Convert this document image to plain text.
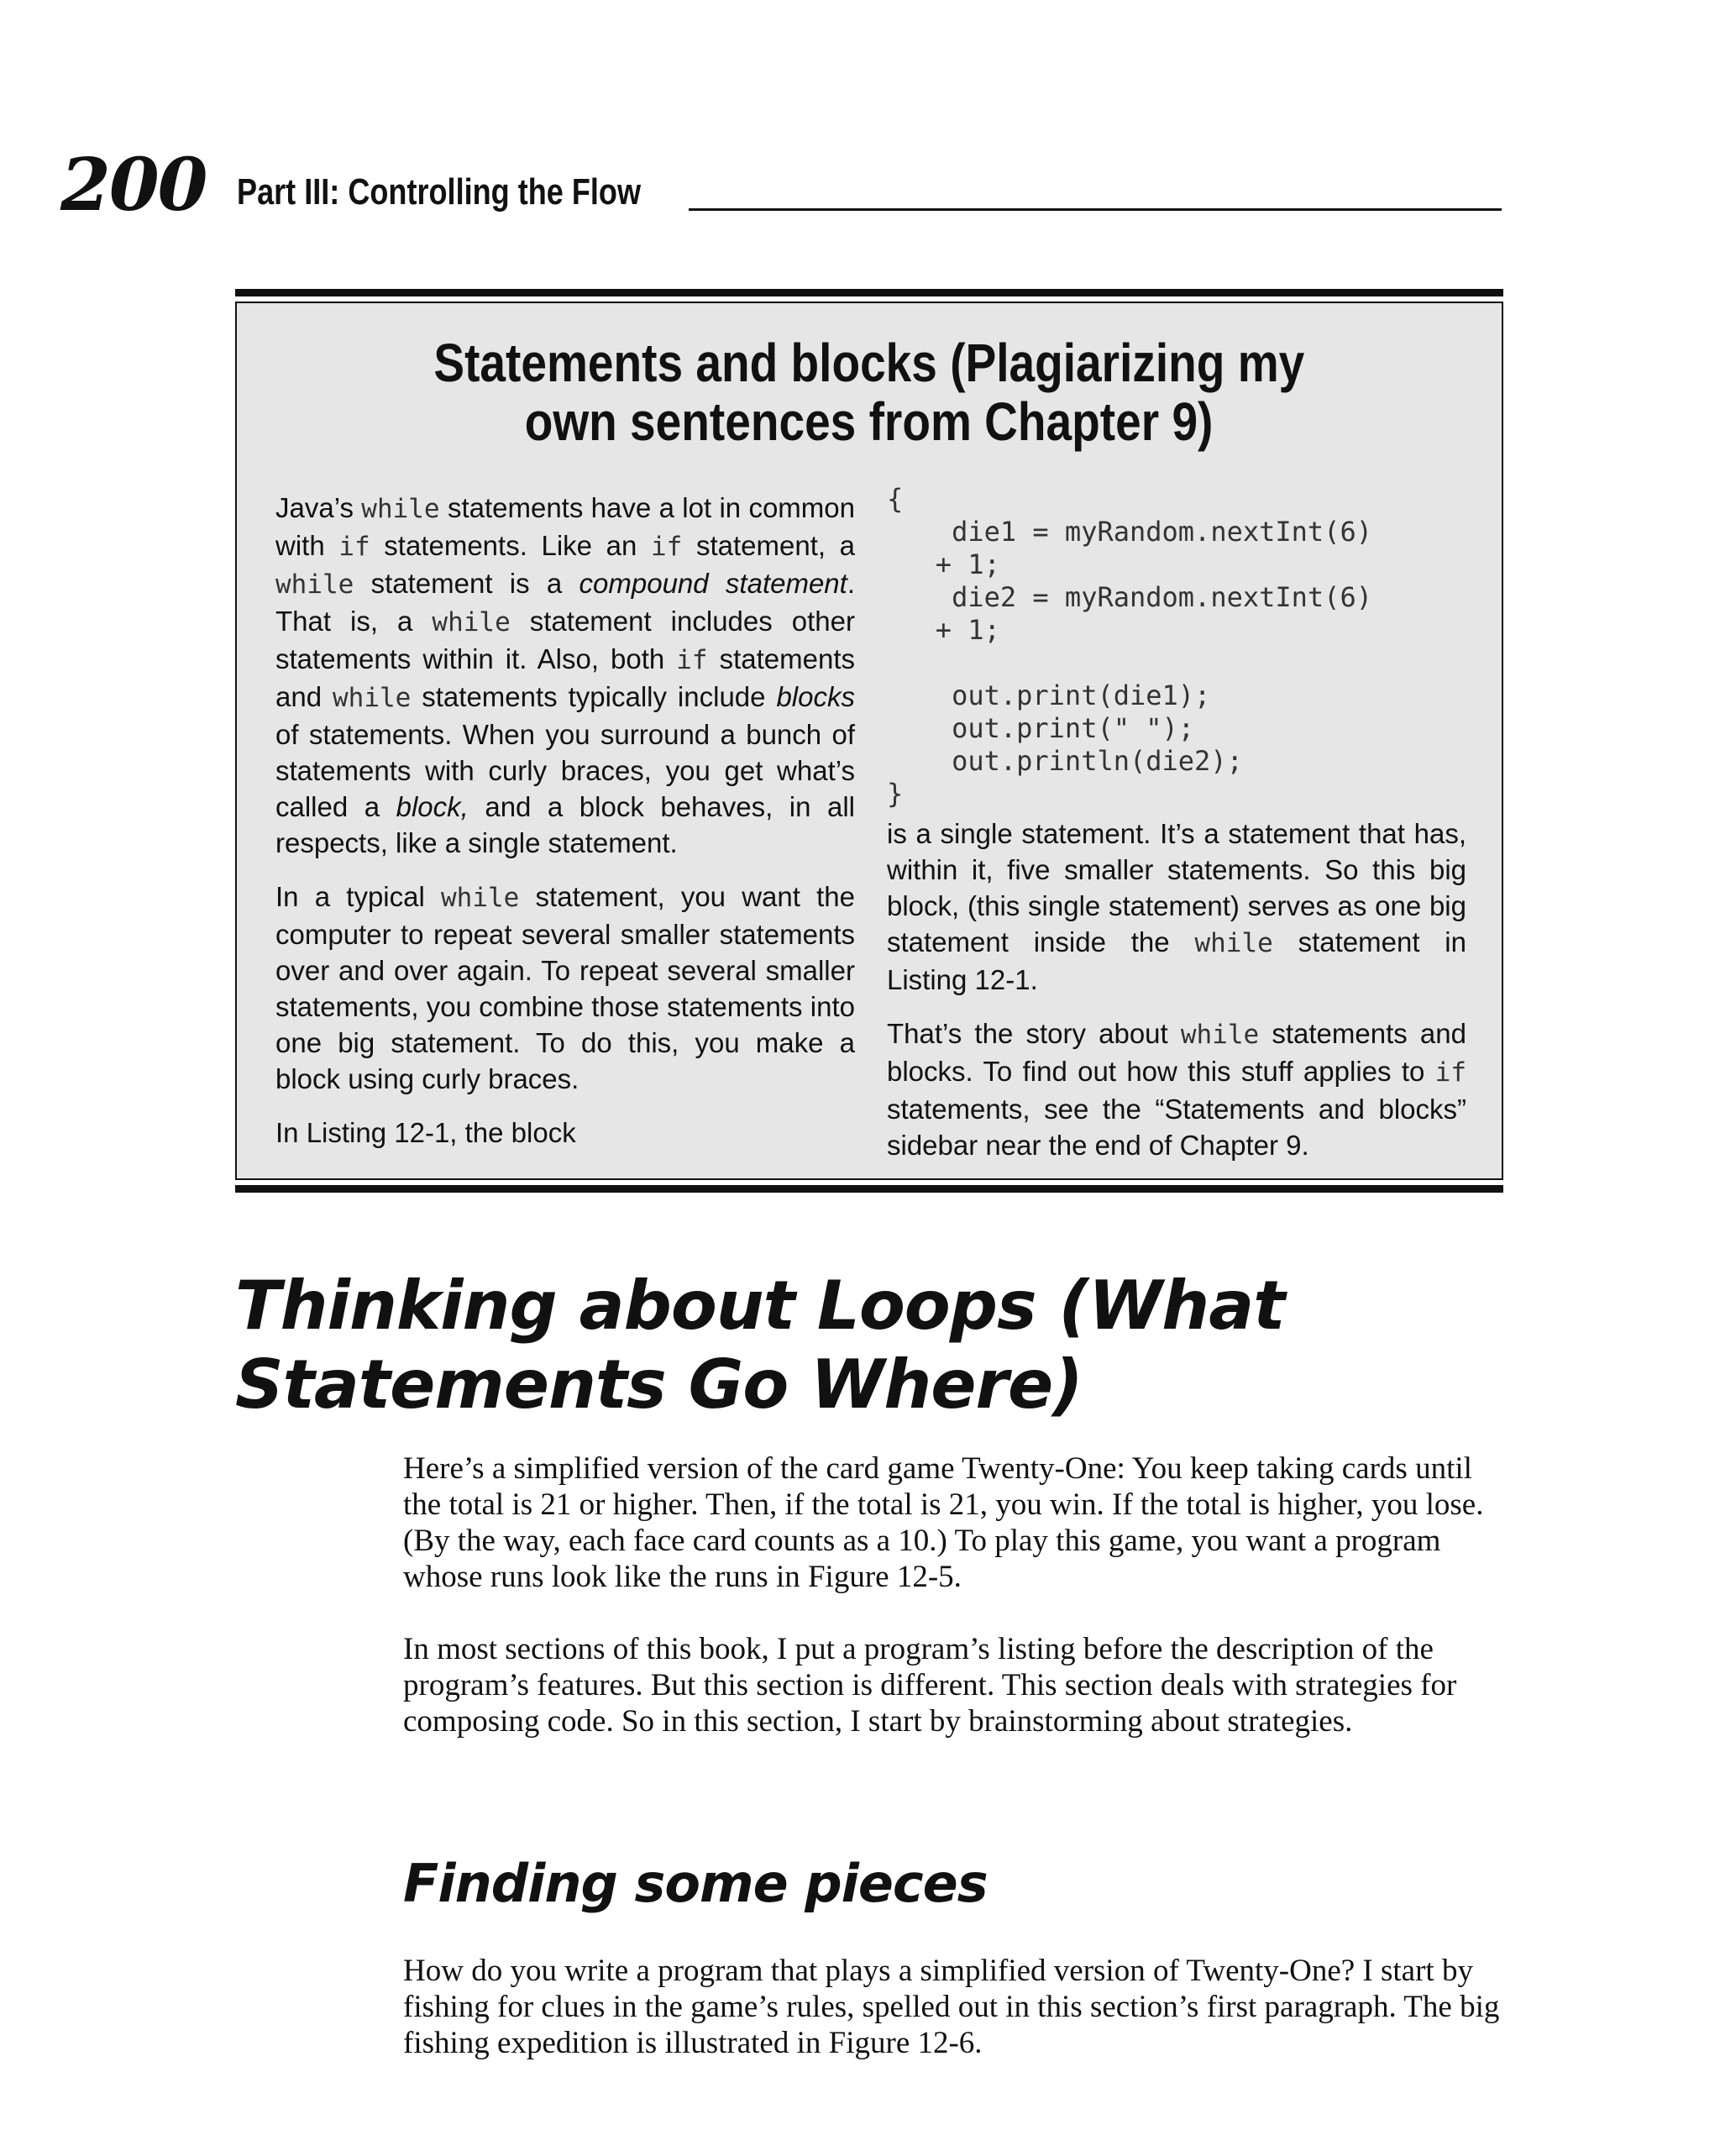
200 Part III: Controlling the Flow
Statements and blocks (Plagiarizing my
own sentences from Chapter 9)

Java’s while statements have a lot in common with if statements. Like an if statement, a while statement is a compound statement. That is, a while statement includes other statements within it. Also, both if statements and while statements typically include blocks of statements. When you surround a bunch of statements with curly braces, you get what’s called a block, and a block behaves, in all respects, like a single statement.

In a typical while statement, you want the computer to repeat several smaller statements over and over again. To repeat several smaller statements, you combine those statements into one big statement. To do this, you make a block using curly braces.

In Listing 12-1, the block

{
die1 = myRandom.nextInt(6)
+ 1;
die2 = myRandom.nextInt(6)
+ 1;

out.print(die1);
out.print(" ");
out.println(die2);
}

is a single statement. It’s a statement that has, within it, five smaller statements. So this big block, (this single statement) serves as one big statement inside the while statement in Listing 12-1.

That’s the story about while statements and blocks. To find out how this stuff applies to if statements, see the “Statements and blocks” sidebar near the end of Chapter 9.

Thinking about Loops (What
Statements Go Where)

Here’s a simplified version of the card game Twenty-One: You keep taking cards until the total is 21 or higher. Then, if the total is 21, you win. If the total is higher, you lose. (By the way, each face card counts as a 10.) To play this game, you want a program whose runs look like the runs in Figure 12-5.

In most sections of this book, I put a program’s listing before the description of the program’s features. But this section is different. This section deals with strategies for composing code. So in this section, I start by brainstorming about strategies.

Finding some pieces

How do you write a program that plays a simplified version of Twenty-One? I start by fishing for clues in the game’s rules, spelled out in this section’s first paragraph. The big fishing expedition is illustrated in Figure 12-6.
